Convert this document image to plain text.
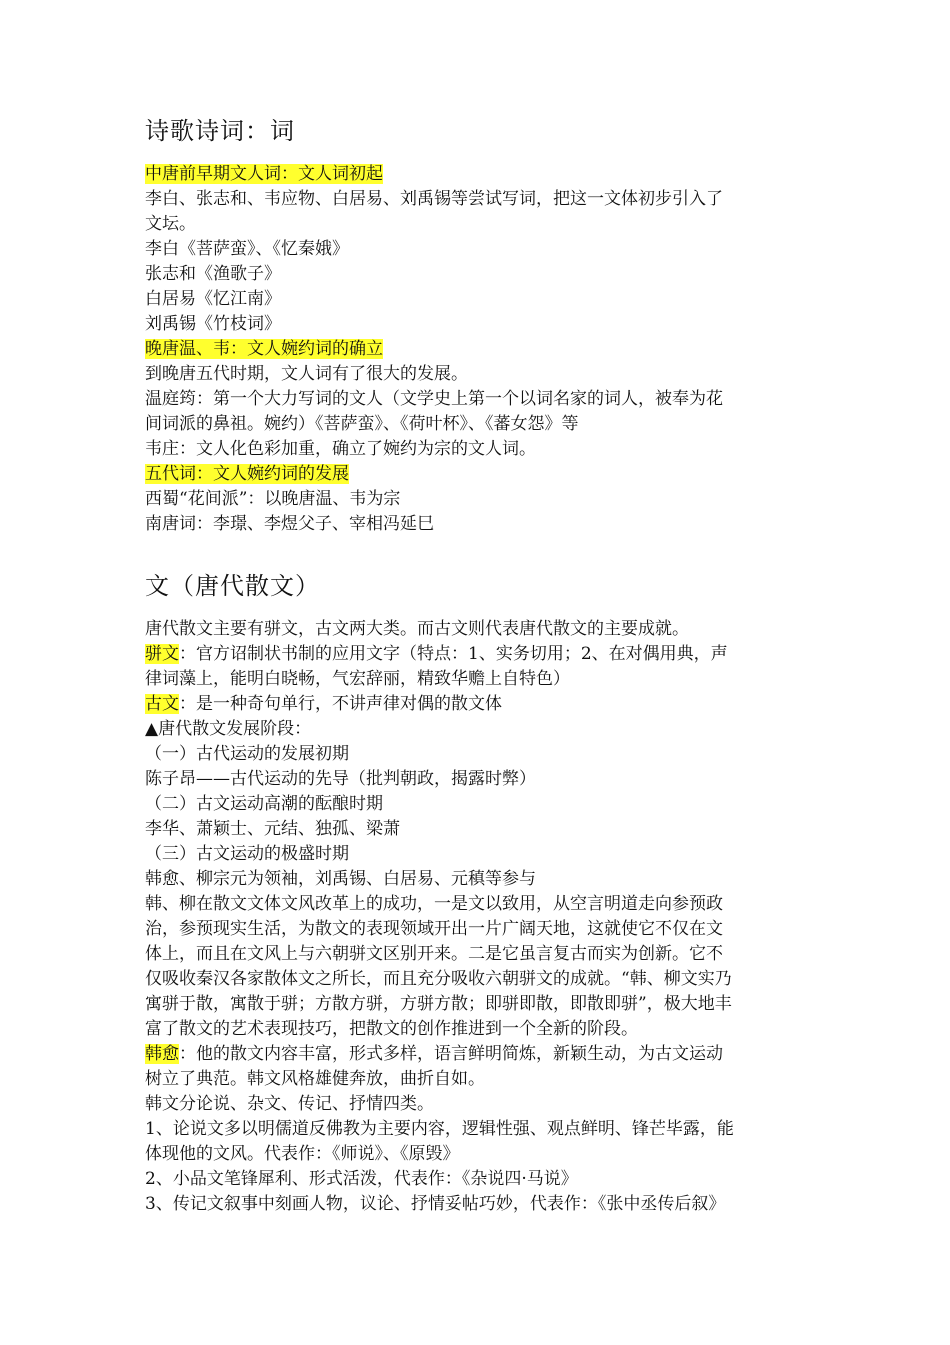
诗歌诗词：词

中唐前早期文人词：文人词初起

李白、张志和、韦应物、白居易、刘禹锡等尝试写词，把这一文体初步引入了

文坛。

李白《菩萨蛮》、《忆秦娥》

张志和《渔歌子》

白居易《忆江南》

刘禹锡《竹枝词》

晚唐温、韦：文人婉约词的确立

到晚唐五代时期，文人词有了很大的发展。

温庭筠：第一个大力写词的文人（文学史上第一个以词名家的词人，被奉为花

间词派的鼻祖。婉约）《菩萨蛮》、《荷叶杯》、《蕃女怨》等

韦庄：文人化色彩加重，确立了婉约为宗的文人词。

五代词：文人婉约词的发展

西蜀“花间派”：以晚唐温、韦为宗

南唐词：李璟、李煜父子、宰相冯延巳

文（唐代散文）

唐代散文主要有骈文，古文两大类。而古文则代表唐代散文的主要成就。

骈文：官方诏制状书制的应用文字（特点：1、实务切用；2、在对偶用典，声

律词藻上，能明白晓畅，气宏辞丽，精致华赡上自特色）

古文：是一种奇句单行，不讲声律对偶的散文体

▲唐代散文发展阶段：

（一）古代运动的发展初期

陈子昂——古代运动的先导（批判朝政，揭露时弊）

（二）古文运动高潮的酝酿时期

李华、萧颖士、元结、独孤、梁萧

（三）古文运动的极盛时期

韩愈、柳宗元为领袖，刘禹锡、白居易、元稹等参与

韩、柳在散文文体文风改革上的成功，一是文以致用，从空言明道走向参预政

治，参预现实生活，为散文的表现领域开出一片广阔天地，这就使它不仅在文

体上，而且在文风上与六朝骈文区别开来。二是它虽言复古而实为创新。它不

仅吸收秦汉各家散体文之所长，而且充分吸收六朝骈文的成就。“韩、柳文实乃

寓骈于散，寓散于骈；方散方骈，方骈方散；即骈即散，即散即骈”，极大地丰

富了散文的艺术表现技巧，把散文的创作推进到一个全新的阶段。

韩愈：他的散文内容丰富，形式多样，语言鲜明简炼，新颖生动，为古文运动

树立了典范。韩文风格雄健奔放，曲折自如。

韩文分论说、杂文、传记、抒情四类。

1、论说文多以明儒道反佛教为主要内容，逻辑性强、观点鲜明、锋芒毕露，能

体现他的文风。代表作：《师说》、《原毁》

2、小品文笔锋犀利、形式活泼，代表作：《杂说四·马说》

3、传记文叙事中刻画人物，议论、抒情妥帖巧妙，代表作：《张中丞传后叙》
